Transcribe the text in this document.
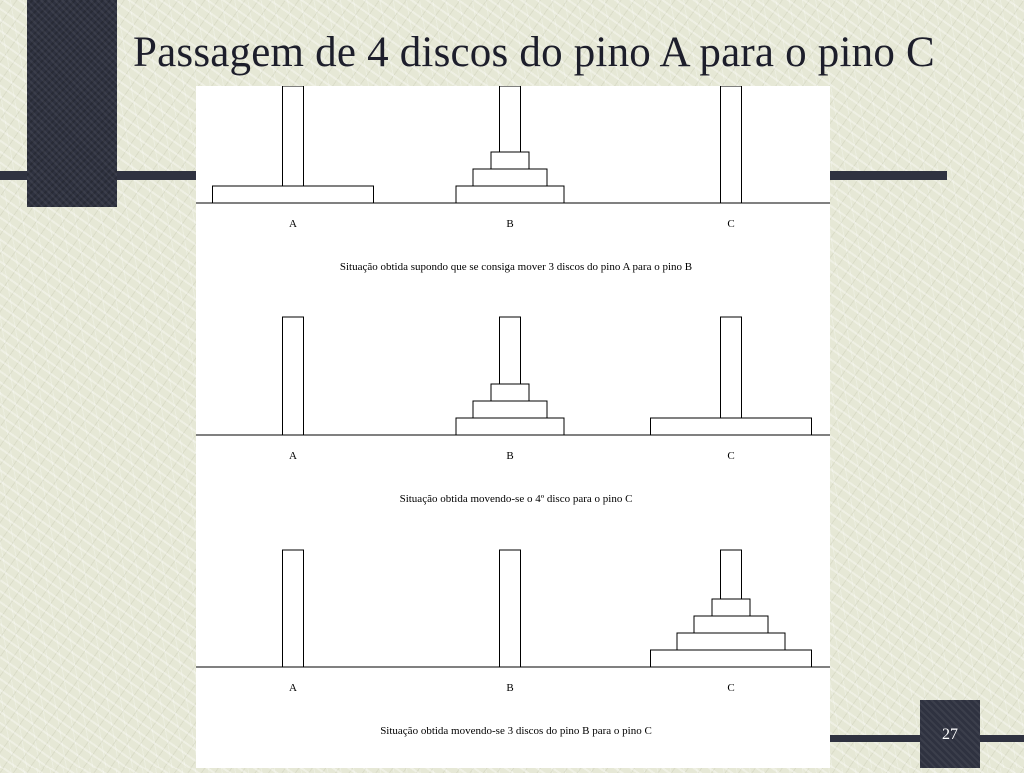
Passagem de 4 discos do pino A para o pino C
A	B	C
Situação obtida supondo que se consiga mover 3 discos do pino A para o pino B
A	B	C
Situação obtida movendo-se o 4º disco para o pino C
A	B	C
Situação obtida movendo-se 3 discos do pino B para o pino C	27
